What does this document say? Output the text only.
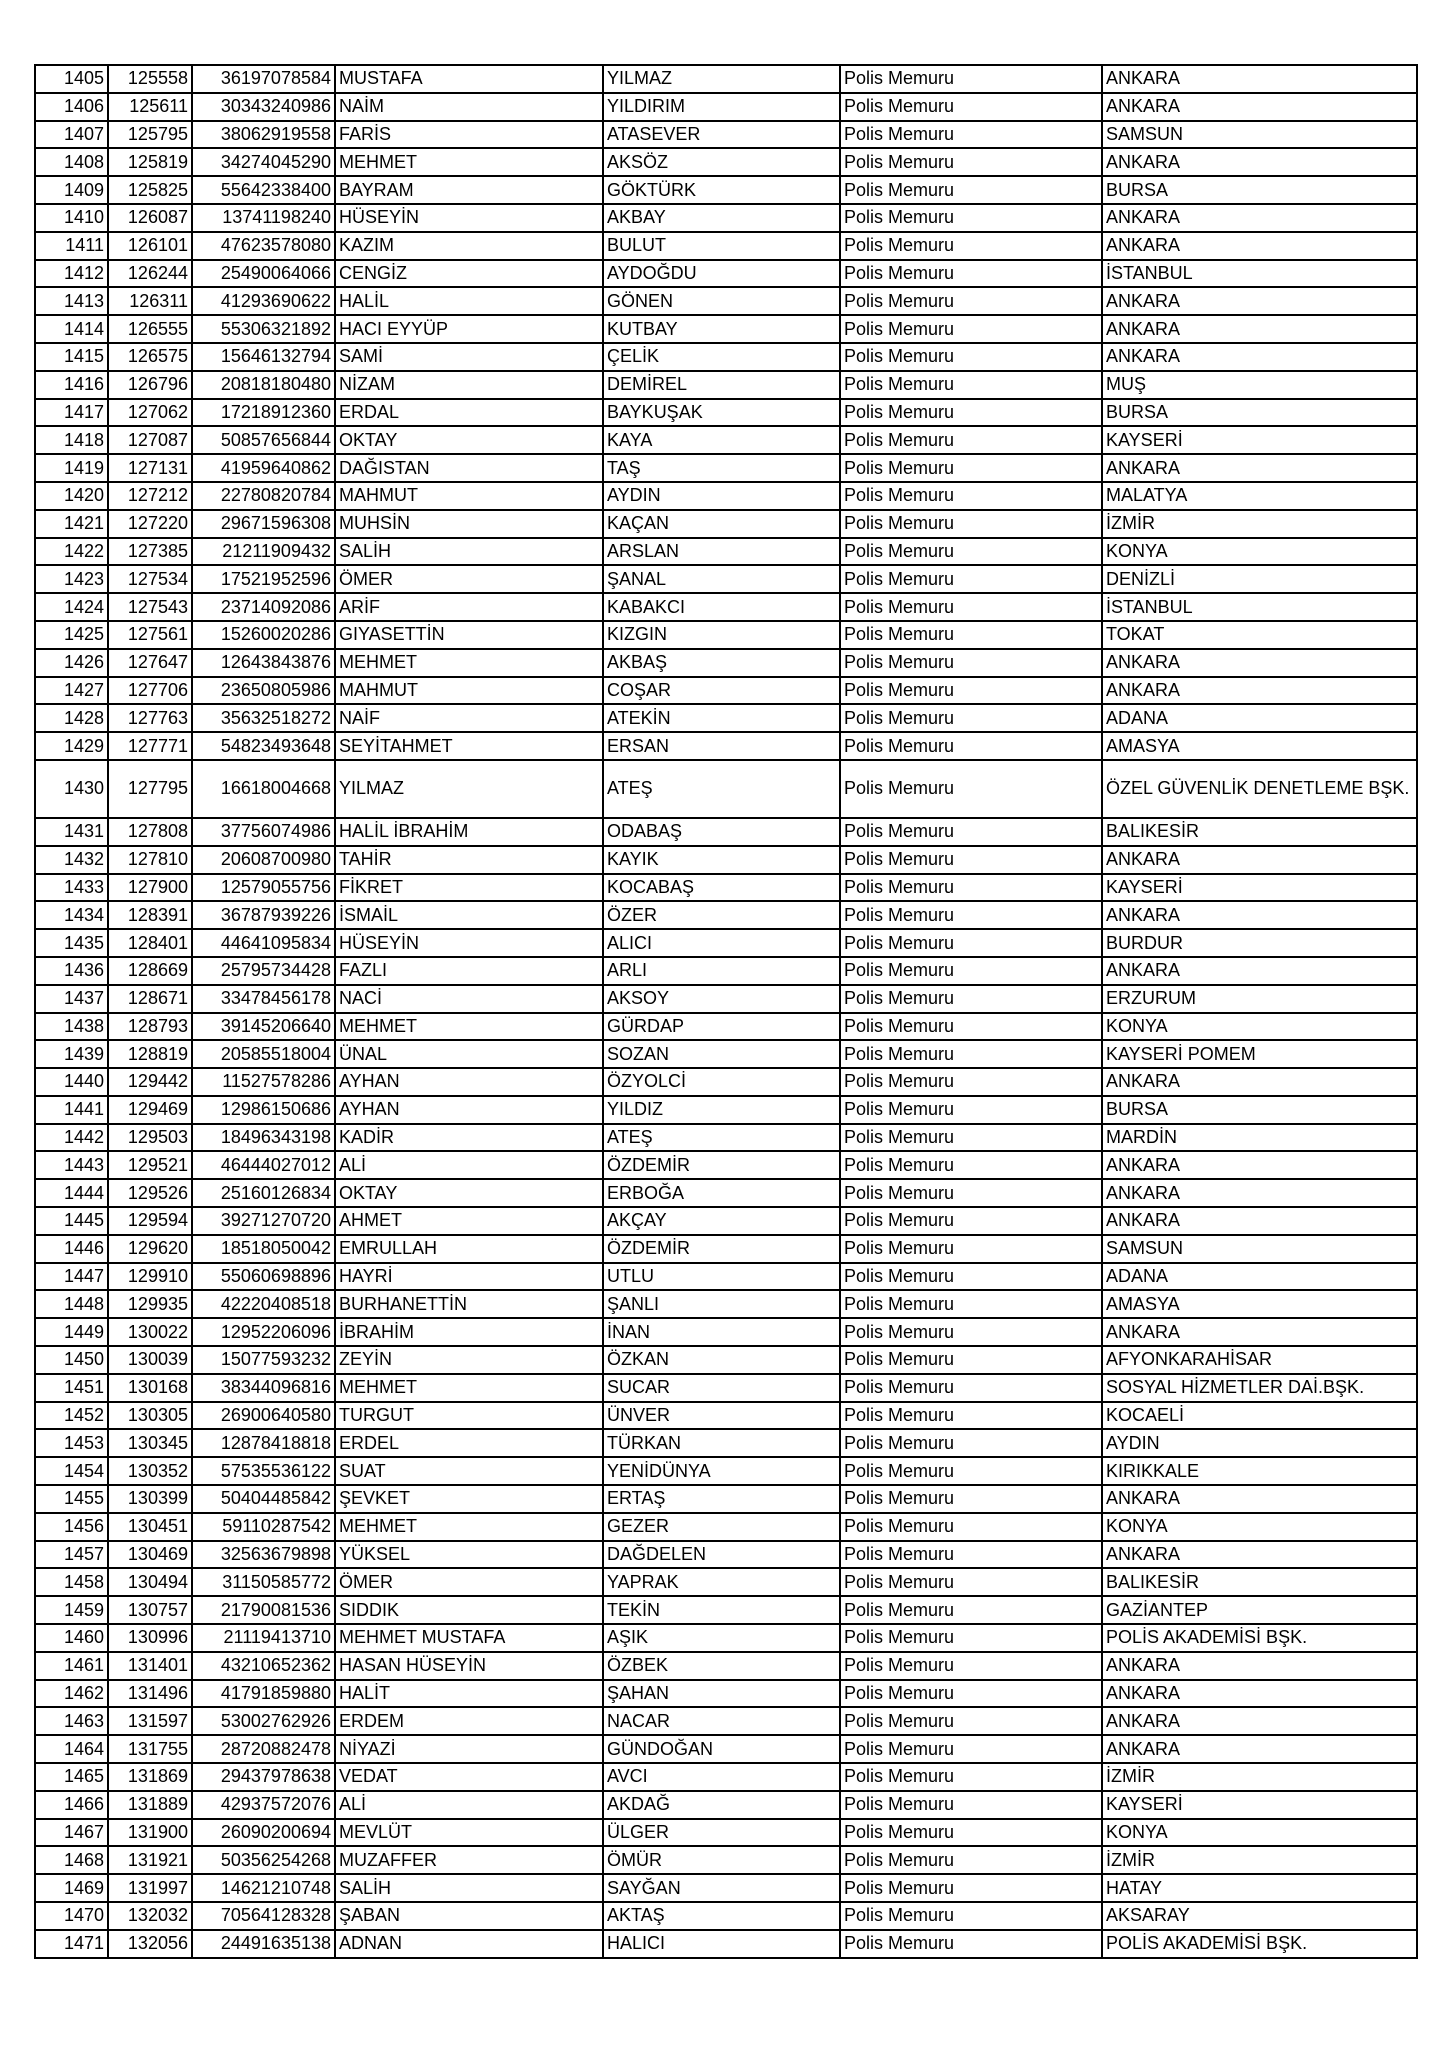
1405	125558	36197078584	MUSTAFA	YILMAZ	Polis Memuru	ANKARA
1406	125611	30343240986	NAİM	YILDIRIM	Polis Memuru	ANKARA
1407	125795	38062919558	FARİS	ATASEVER	Polis Memuru	SAMSUN
1408	125819	34274045290	MEHMET	AKSÖZ	Polis Memuru	ANKARA
1409	125825	55642338400	BAYRAM	GÖKTÜRK	Polis Memuru	BURSA
1410	126087	13741198240	HÜSEYİN	AKBAY	Polis Memuru	ANKARA
1411	126101	47623578080	KAZIM	BULUT	Polis Memuru	ANKARA
1412	126244	25490064066	CENGİZ	AYDOĞDU	Polis Memuru	İSTANBUL
1413	126311	41293690622	HALİL	GÖNEN	Polis Memuru	ANKARA
1414	126555	55306321892	HACI EYYÜP	KUTBAY	Polis Memuru	ANKARA
1415	126575	15646132794	SAMİ	ÇELİK	Polis Memuru	ANKARA
1416	126796	20818180480	NİZAM	DEMİREL	Polis Memuru	MUŞ
1417	127062	17218912360	ERDAL	BAYKUŞAK	Polis Memuru	BURSA
1418	127087	50857656844	OKTAY	KAYA	Polis Memuru	KAYSERİ
1419	127131	41959640862	DAĞISTAN	TAŞ	Polis Memuru	ANKARA
1420	127212	22780820784	MAHMUT	AYDIN	Polis Memuru	MALATYA
1421	127220	29671596308	MUHSİN	KAÇAN	Polis Memuru	İZMİR
1422	127385	21211909432	SALİH	ARSLAN	Polis Memuru	KONYA
1423	127534	17521952596	ÖMER	ŞANAL	Polis Memuru	DENİZLİ
1424	127543	23714092086	ARİF	KABAKCI	Polis Memuru	İSTANBUL
1425	127561	15260020286	GIYASETTİN	KIZGIN	Polis Memuru	TOKAT
1426	127647	12643843876	MEHMET	AKBAŞ	Polis Memuru	ANKARA
1427	127706	23650805986	MAHMUT	COŞAR	Polis Memuru	ANKARA
1428	127763	35632518272	NAİF	ATEKİN	Polis Memuru	ADANA
1429	127771	54823493648	SEYİTAHMET	ERSAN	Polis Memuru	AMASYA
1430	127795	16618004668	YILMAZ	ATEŞ	Polis Memuru	ÖZEL GÜVENLİK DENETLEME BŞK.
1431	127808	37756074986	HALİL İBRAHİM	ODABAŞ	Polis Memuru	BALIKESİR
1432	127810	20608700980	TAHİR	KAYIK	Polis Memuru	ANKARA
1433	127900	12579055756	FİKRET	KOCABAŞ	Polis Memuru	KAYSERİ
1434	128391	36787939226	İSMAİL	ÖZER	Polis Memuru	ANKARA
1435	128401	44641095834	HÜSEYİN	ALICI	Polis Memuru	BURDUR
1436	128669	25795734428	FAZLI	ARLI	Polis Memuru	ANKARA
1437	128671	33478456178	NACİ	AKSOY	Polis Memuru	ERZURUM
1438	128793	39145206640	MEHMET	GÜRDAP	Polis Memuru	KONYA
1439	128819	20585518004	ÜNAL	SOZAN	Polis Memuru	KAYSERİ POMEM
1440	129442	11527578286	AYHAN	ÖZYOLCİ	Polis Memuru	ANKARA
1441	129469	12986150686	AYHAN	YILDIZ	Polis Memuru	BURSA
1442	129503	18496343198	KADİR	ATEŞ	Polis Memuru	MARDİN
1443	129521	46444027012	ALİ	ÖZDEMİR	Polis Memuru	ANKARA
1444	129526	25160126834	OKTAY	ERBOĞA	Polis Memuru	ANKARA
1445	129594	39271270720	AHMET	AKÇAY	Polis Memuru	ANKARA
1446	129620	18518050042	EMRULLAH	ÖZDEMİR	Polis Memuru	SAMSUN
1447	129910	55060698896	HAYRİ	UTLU	Polis Memuru	ADANA
1448	129935	42220408518	BURHANETTİN	ŞANLI	Polis Memuru	AMASYA
1449	130022	12952206096	İBRAHİM	İNAN	Polis Memuru	ANKARA
1450	130039	15077593232	ZEYİN	ÖZKAN	Polis Memuru	AFYONKARAHİSAR
1451	130168	38344096816	MEHMET	SUCAR	Polis Memuru	SOSYAL HİZMETLER DAİ.BŞK.
1452	130305	26900640580	TURGUT	ÜNVER	Polis Memuru	KOCAELİ
1453	130345	12878418818	ERDEL	TÜRKAN	Polis Memuru	AYDIN
1454	130352	57535536122	SUAT	YENİDÜNYA	Polis Memuru	KIRIKKALE
1455	130399	50404485842	ŞEVKET	ERTAŞ	Polis Memuru	ANKARA
1456	130451	59110287542	MEHMET	GEZER	Polis Memuru	KONYA
1457	130469	32563679898	YÜKSEL	DAĞDELEN	Polis Memuru	ANKARA
1458	130494	31150585772	ÖMER	YAPRAK	Polis Memuru	BALIKESİR
1459	130757	21790081536	SIDDIK	TEKİN	Polis Memuru	GAZİANTEP
1460	130996	21119413710	MEHMET MUSTAFA	AŞIK	Polis Memuru	POLİS AKADEMİSİ BŞK.
1461	131401	43210652362	HASAN HÜSEYİN	ÖZBEK	Polis Memuru	ANKARA
1462	131496	41791859880	HALİT	ŞAHAN	Polis Memuru	ANKARA
1463	131597	53002762926	ERDEM	NACAR	Polis Memuru	ANKARA
1464	131755	28720882478	NİYAZİ	GÜNDOĞAN	Polis Memuru	ANKARA
1465	131869	29437978638	VEDAT	AVCI	Polis Memuru	İZMİR
1466	131889	42937572076	ALİ	AKDAĞ	Polis Memuru	KAYSERİ
1467	131900	26090200694	MEVLÜT	ÜLGER	Polis Memuru	KONYA
1468	131921	50356254268	MUZAFFER	ÖMÜR	Polis Memuru	İZMİR
1469	131997	14621210748	SALİH	SAYĞAN	Polis Memuru	HATAY
1470	132032	70564128328	ŞABAN	AKTAŞ	Polis Memuru	AKSARAY
1471	132056	24491635138	ADNAN	HALICI	Polis Memuru	POLİS AKADEMİSİ BŞK.
